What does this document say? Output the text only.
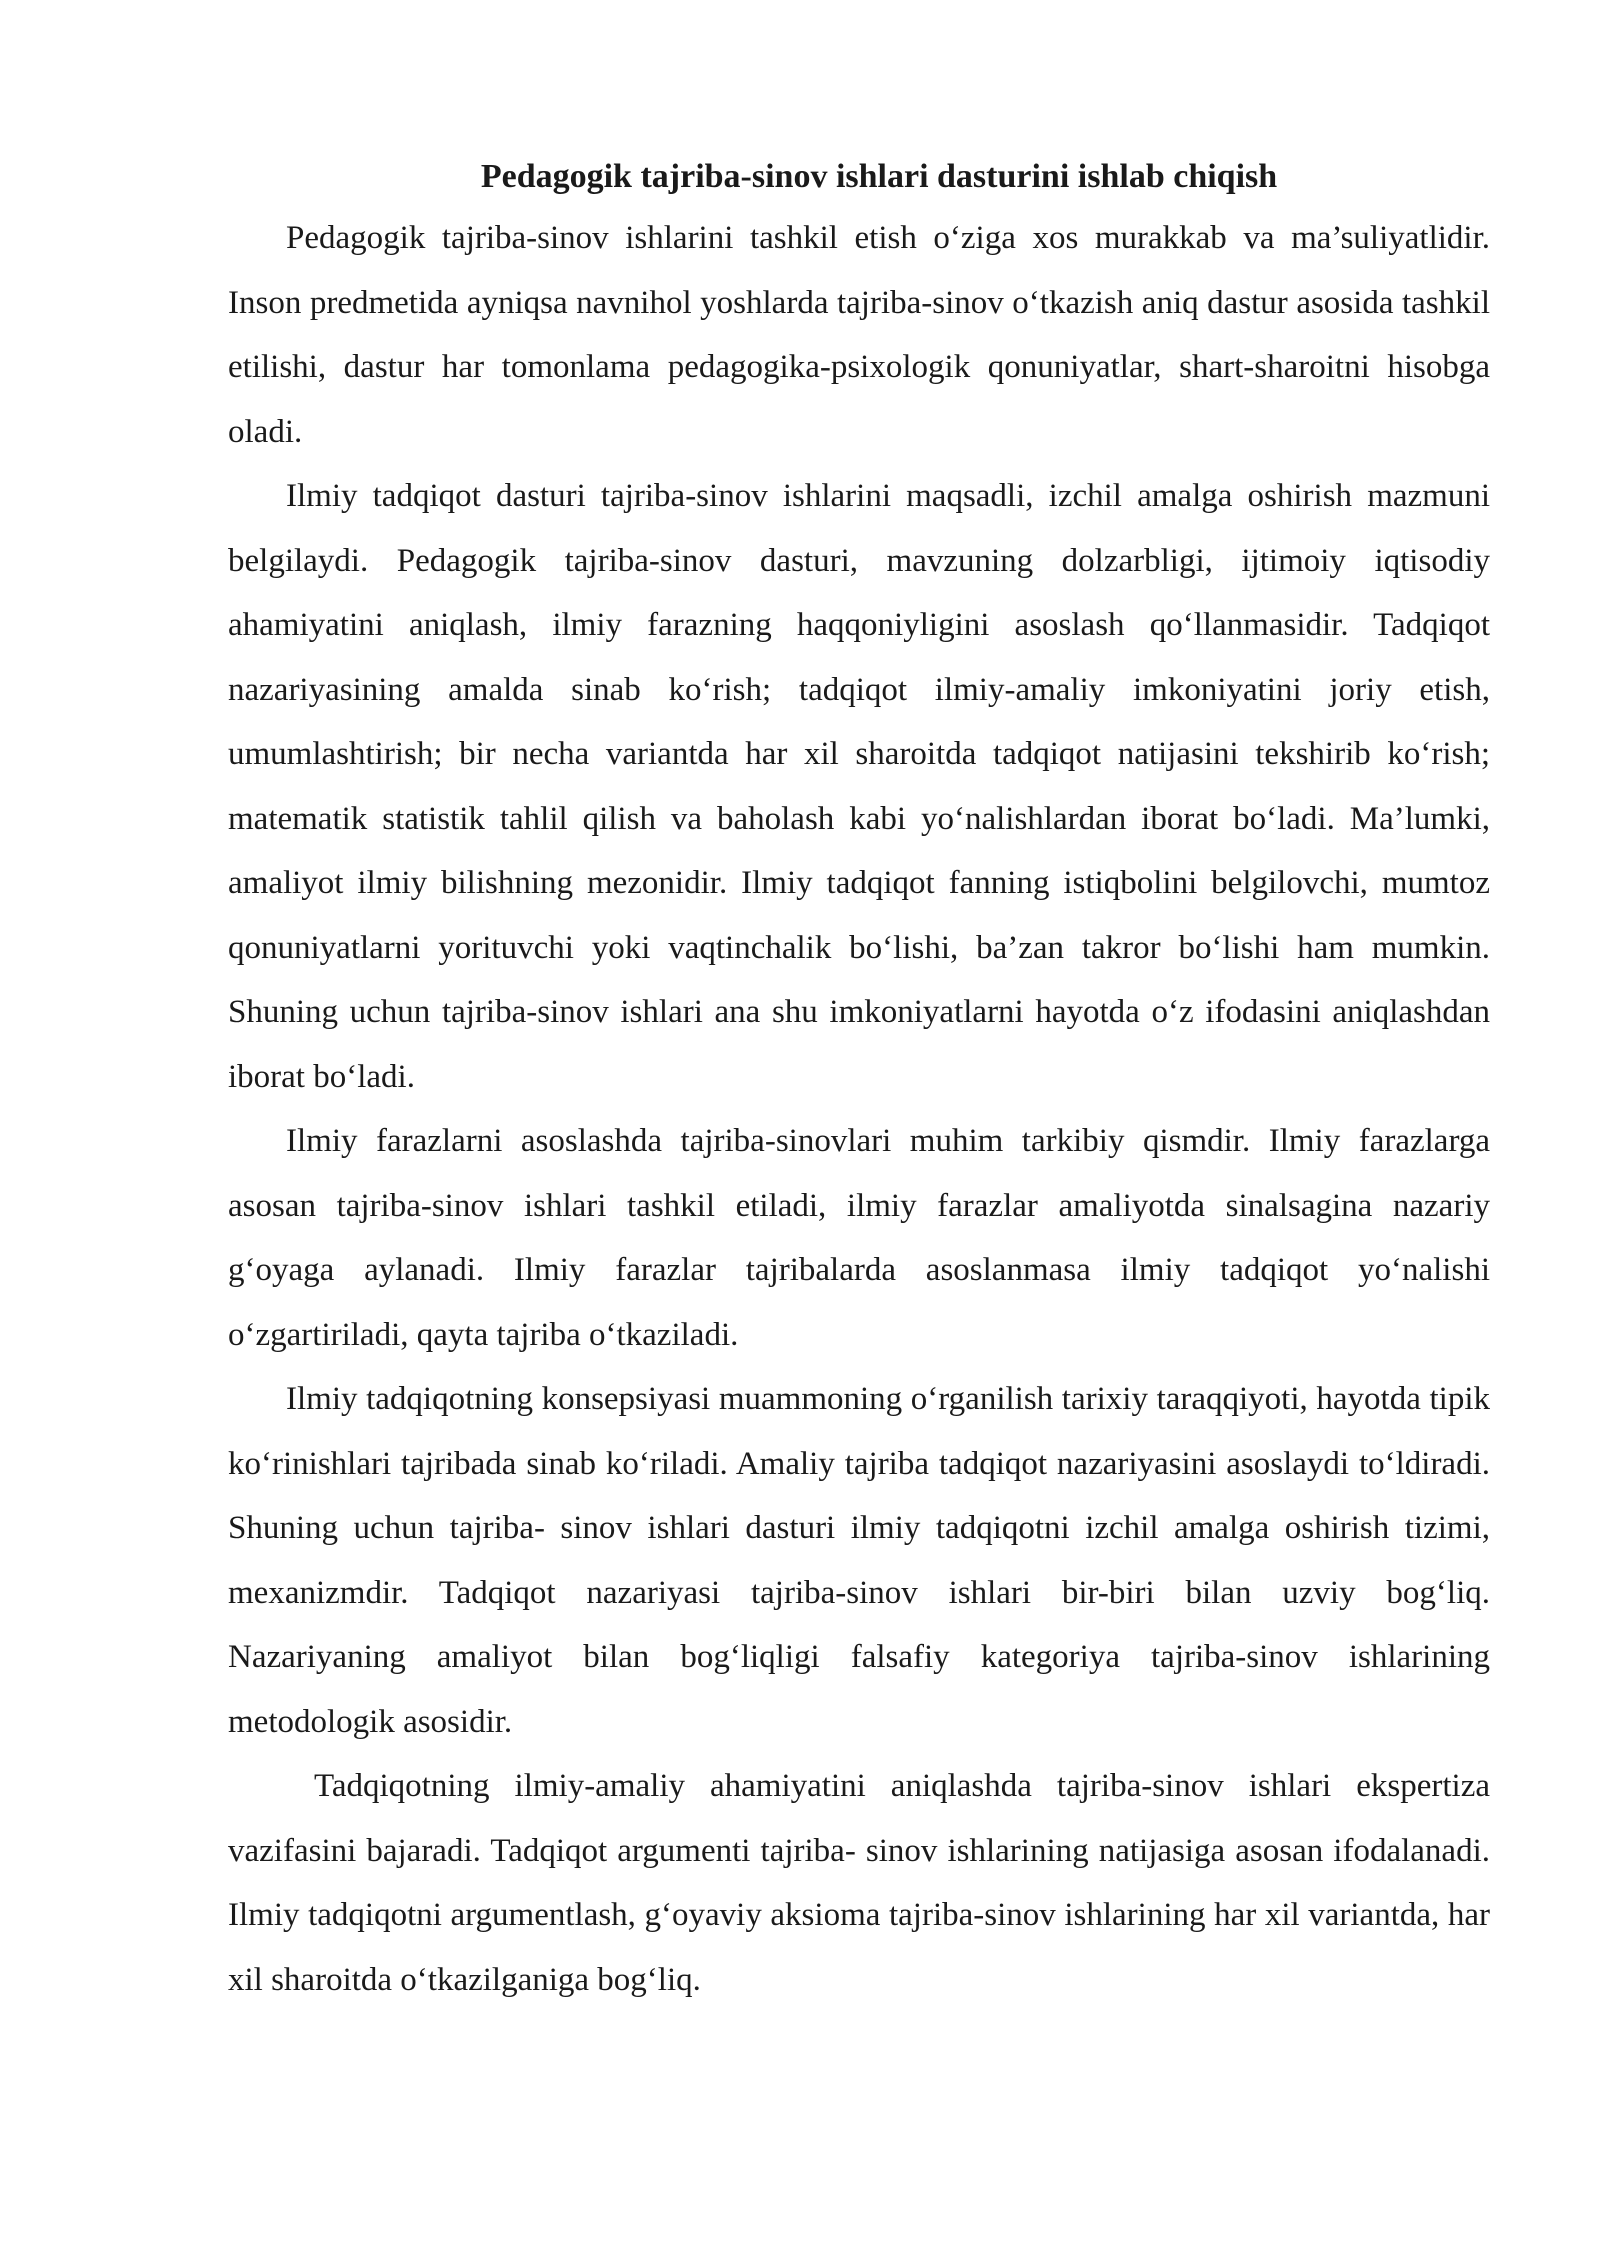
Pedagogik tajriba-sinov ishlari dasturini ishlab chiqish

Pedagogik tajriba-sinov ishlarini tashkil etish o‘ziga xos murakkab va ma’suliyatlidir. Inson predmetida ayniqsa navnihol yoshlarda tajriba-sinov o‘tkazish aniq dastur asosida tashkil etilishi, dastur har tomonlama pedagogika-psixologik qonuniyatlar, shart-sharoitni hisobga oladi.

Ilmiy tadqiqot dasturi tajriba-sinov ishlarini maqsadli, izchil amalga oshirish mazmuni belgilaydi. Pedagogik tajriba-sinov dasturi, mavzuning dolzarbligi, ijtimoiy iqtisodiy ahamiyatini aniqlash, ilmiy farazning haqqoniyligini asoslash qo‘llanmasidir. Tadqiqot nazariyasining amalda sinab ko‘rish; tadqiqot ilmiy-amaliy imkoniyatini joriy etish, umumlashtirish; bir necha variantda har xil sharoitda tadqiqot natijasini tekshirib ko‘rish; matematik statistik tahlil qilish va baholash kabi yo‘nalishlardan iborat bo‘ladi. Ma’lumki, amaliyot ilmiy bilishning mezonidir. Ilmiy tadqiqot fanning istiqbolini belgilovchi, mumtoz qonuniyatlarni yorituvchi yoki vaqtinchalik bo‘lishi, ba’zan takror bo‘lishi ham mumkin. Shuning uchun tajriba-sinov ishlari ana shu imkoniyatlarni hayotda o‘z ifodasini aniqlashdan iborat bo‘ladi.

Ilmiy farazlarni asoslashda tajriba-sinovlari muhim tarkibiy qismdir. Ilmiy farazlarga asosan tajriba-sinov ishlari tashkil etiladi, ilmiy farazlar amaliyotda sinalsagina nazariy g‘oyaga aylanadi. Ilmiy farazlar tajribalarda asoslanmasa ilmiy tadqiqot yo‘nalishi o‘zgartiriladi, qayta tajriba o‘tkaziladi.

Ilmiy tadqiqotning konsepsiyasi muammoning o‘rganilish tarixiy taraqqiyoti, hayotda tipik ko‘rinishlari tajribada sinab ko‘riladi. Amaliy tajriba tadqiqot nazariyasini asoslaydi to‘ldiradi. Shuning uchun tajriba- sinov ishlari dasturi ilmiy tadqiqotni izchil amalga oshirish tizimi, mexanizmdir. Tadqiqot nazariyasi tajriba-sinov ishlari bir-biri bilan uzviy bog‘liq. Nazariyaning amaliyot bilan bog‘liqligi falsafiy kategoriya tajriba-sinov ishlarining metodologik asosidir.

Tadqiqotning ilmiy-amaliy ahamiyatini aniqlashda tajriba-sinov ishlari ekspertiza vazifasini bajaradi. Tadqiqot argumenti tajriba- sinov ishlarining natijasiga asosan ifodalanadi. Ilmiy tadqiqotni argumentlash, g‘oyaviy aksioma tajriba-sinov ishlarining har xil variantda, har xil sharoitda o‘tkazilganiga bog‘liq.
